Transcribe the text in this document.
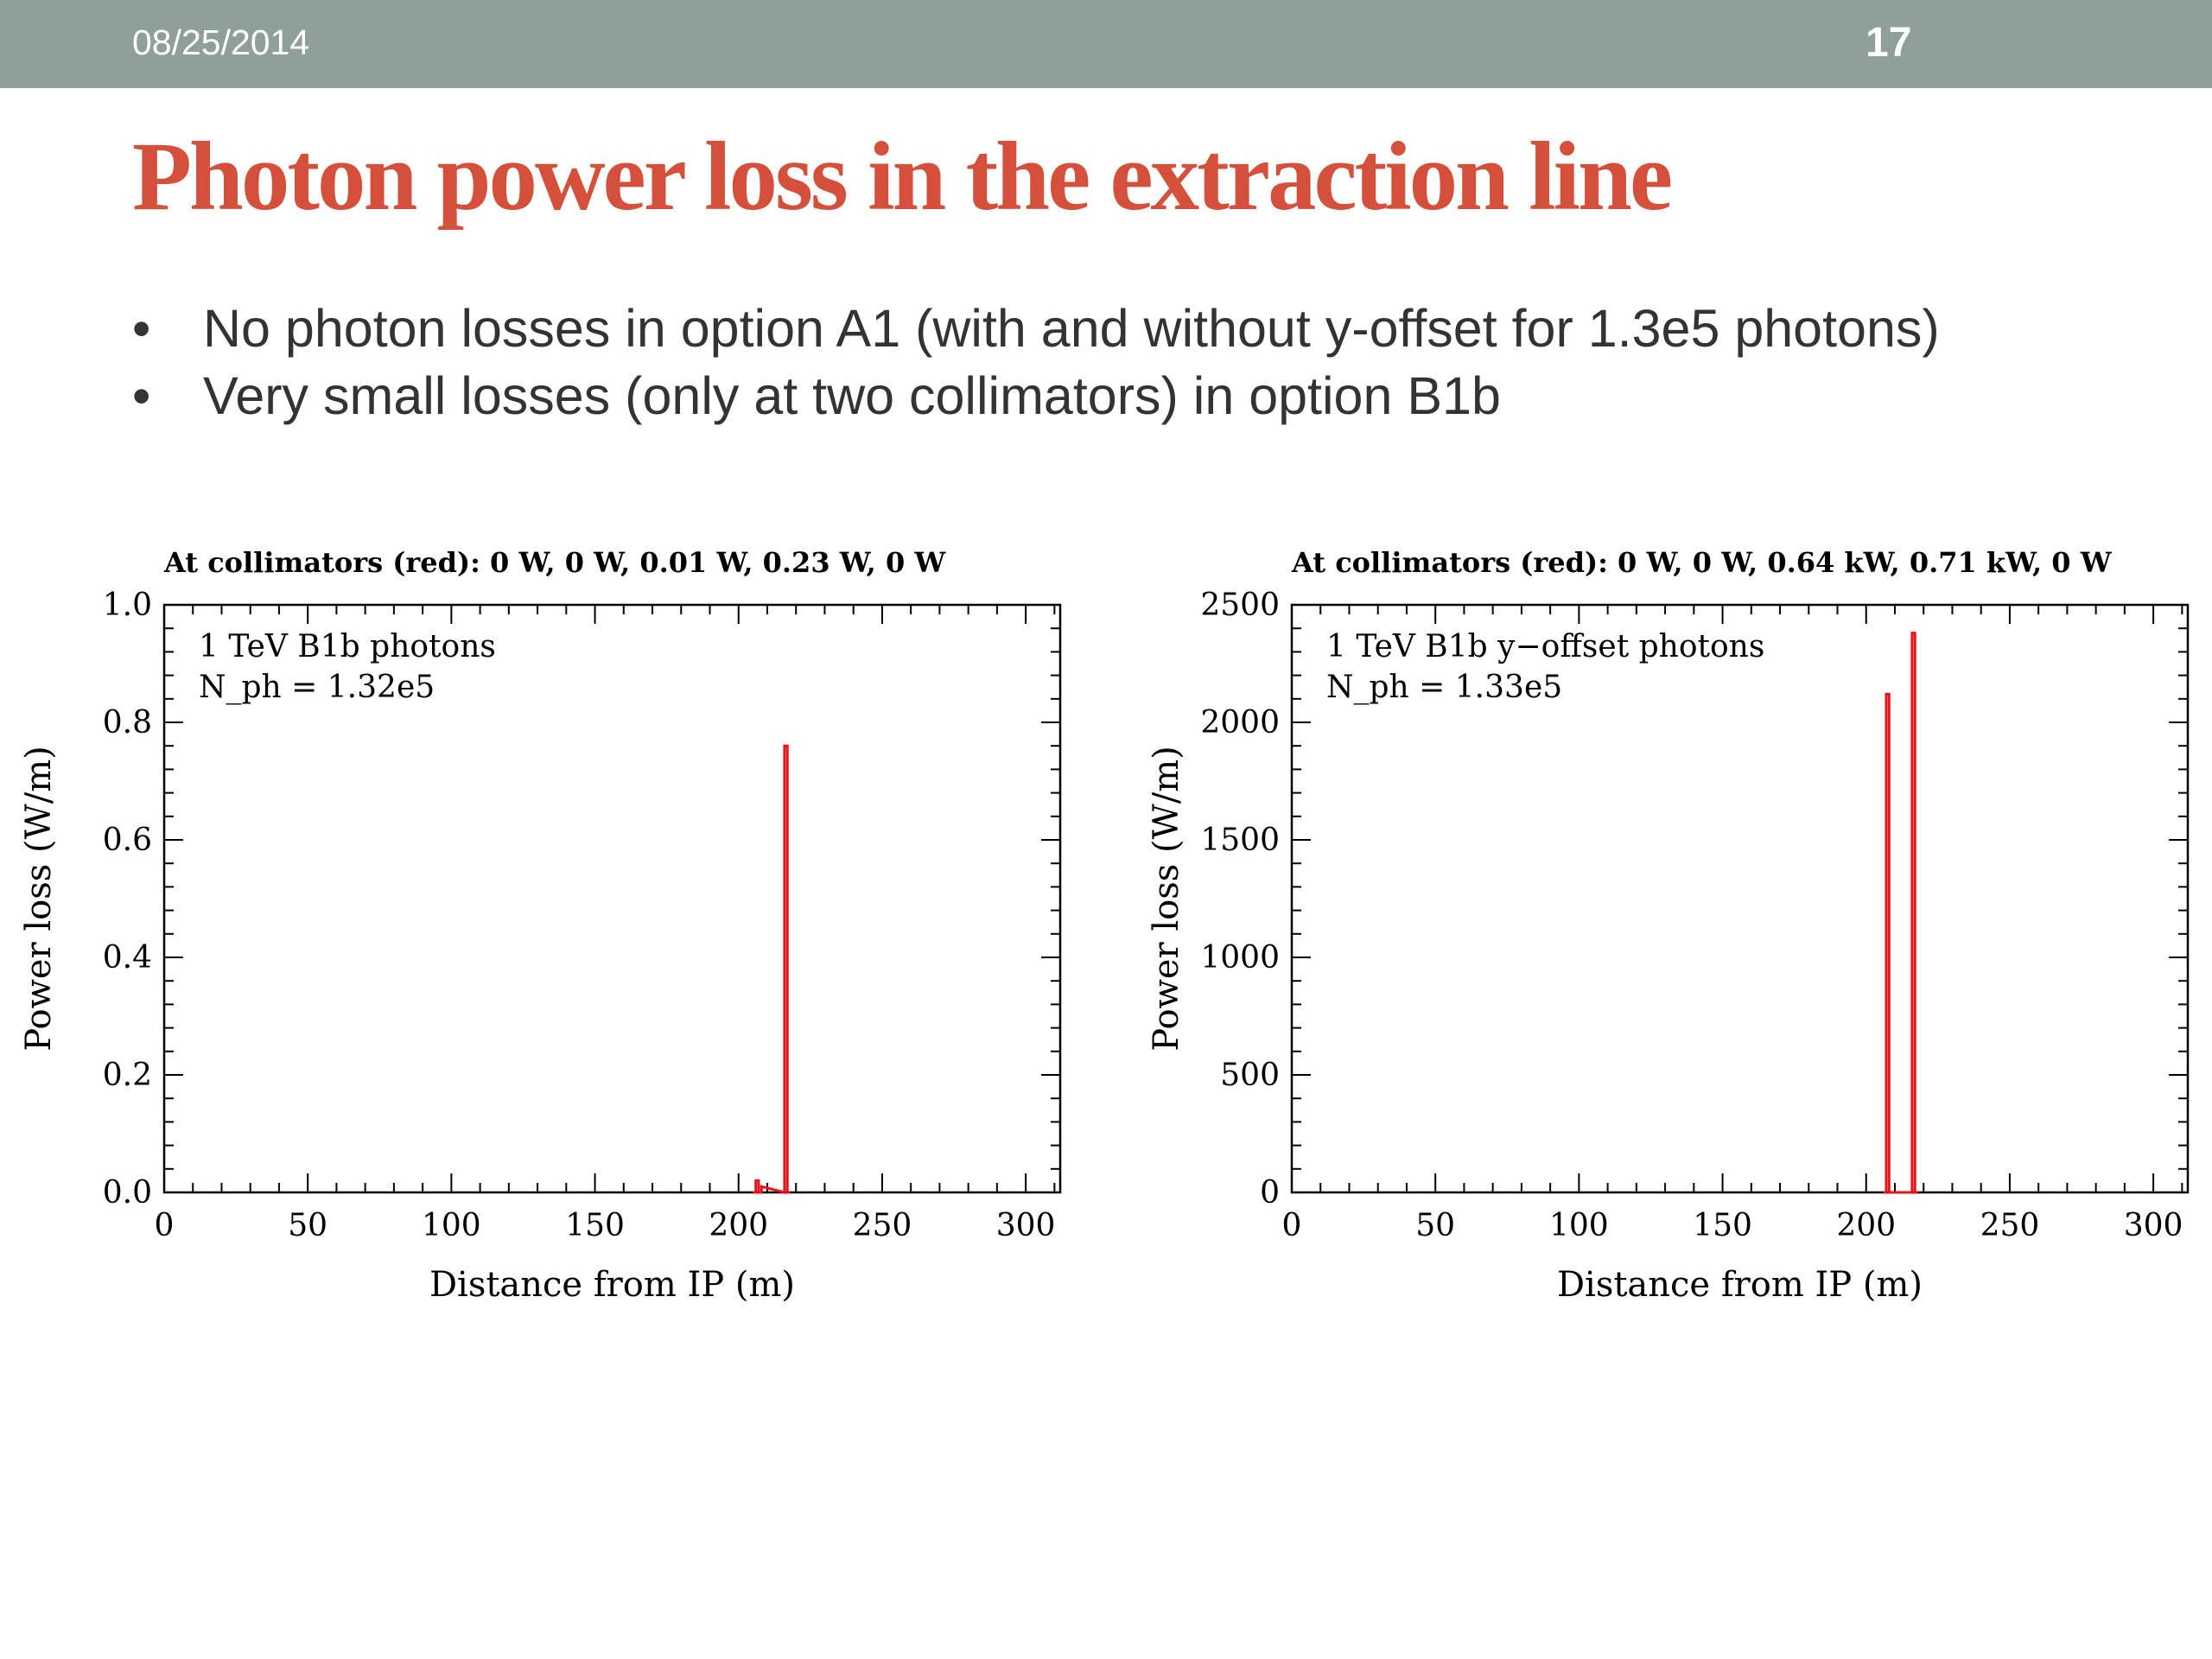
08/25/2014	17
Photon power loss in the extraction line
• No photon losses in option A1 (with and without y-offset for 1.3e5 photons)
• Very small losses (only at two collimators) in option B1b
At collimators (red): 0 W, 0 W, 0.01 W, 0.23 W, 0 W
0	50	100	150	200	250	300
0.0
0.2
0.4
0.6
0.8
1.0
Distance from IP (m)
Power loss (W/m)
1 TeV B1b photons
N_ph = 1.32e5
At collimators (red): 0 W, 0 W, 0.64 kW, 0.71 kW, 0 W
0	50	100	150	200	250	300
0
500
1000
1500
2000
2500
Distance from IP (m)
Power loss (W/m)
1 TeV B1b y−offset photons
N_ph = 1.33e5
